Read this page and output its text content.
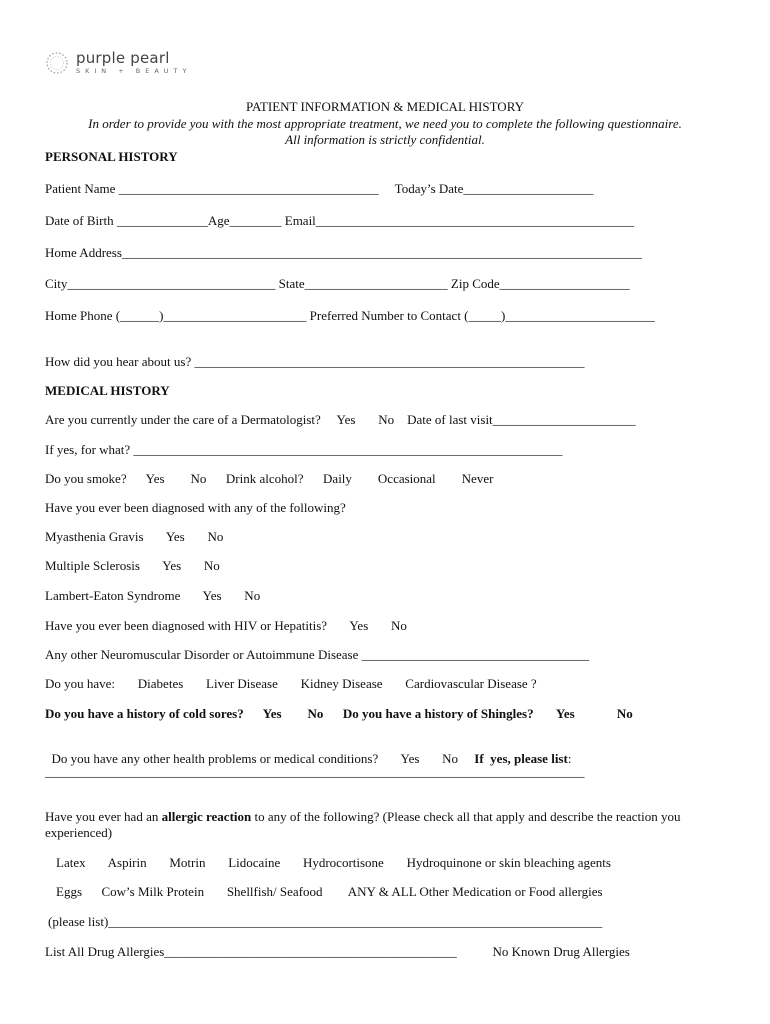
purple pearl
SKIN + BEAUTY
PATIENT INFORMATION & MEDICAL HISTORY
In order to provide you with the most appropriate treatment, we need you to complete the following questionnaire.
All information is strictly confidential.
PERSONAL HISTORY
Patient Name ________________________________________     Today’s Date____________________
Date of Birth ______________Age________ Email_________________________________________________
Home Address________________________________________________________________________________
City________________________________ State______________________ Zip Code____________________
Home Phone (______)______________________ Preferred Number to Contact (_____)_______________________
How did you hear about us? ____________________________________________________________
MEDICAL HISTORY
Are you currently under the care of a Dermatologist?     Yes       No    Date of last visit______________________
If yes, for what? __________________________________________________________________
Do you smoke?      Yes        No      Drink alcohol?      Daily        Occasional        Never
Have you ever been diagnosed with any of the following?
Myasthenia Gravis       Yes       No
Multiple Sclerosis       Yes       No
Lambert-Eaton Syndrome       Yes       No
Have you ever been diagnosed with HIV or Hepatitis?       Yes       No
Any other Neuromuscular Disorder or Autoimmune Disease ___________________________________
Do you have:       Diabetes       Liver Disease       Kidney Disease       Cardiovascular Disease ?
Do you have a history of cold sores?      Yes        No      Do you have a history of Shingles?       Yes             No

Do you have any other health problems or medical conditions?       Yes       No     If  yes, please list:

___________________________________________________________________________________
Have you ever had an allergic reaction to any of the following? (Please check all that apply and describe the reaction you experienced)
Latex       Aspirin       Motrin       Lidocaine       Hydrocortisone       Hydroquinone or skin bleaching agents
Eggs      Cow’s Milk Protein       Shellfish/ Seafood        ANY & ALL Other Medication or Food allergies
(please list)____________________________________________________________________________
List All Drug Allergies_____________________________________________           No Known Drug Allergies
